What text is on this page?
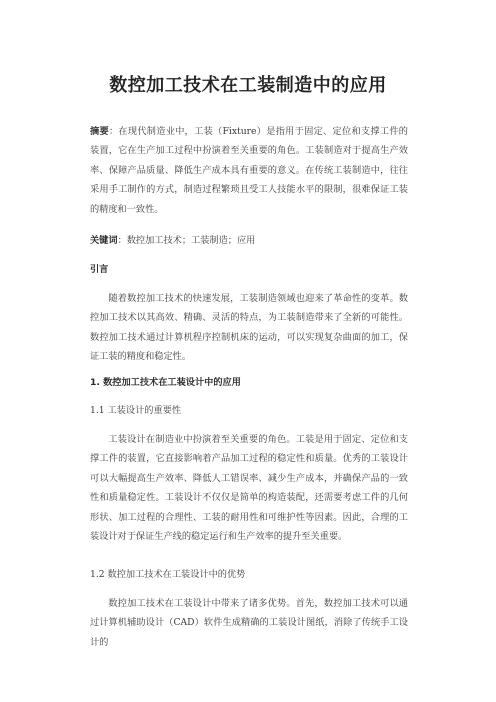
数控加工技术在工装制造中的应用
摘要：在现代制造业中，工装（Fixture）是指用于固定、定位和支撑工件的装置，它在生产加工过程中扮演着至关重要的角色。工装制造对于提高生产效率、保障产品质量、降低生产成本具有重要的意义。在传统工装制造中，往往采用手工制作的方式，制造过程繁琐且受工人技能水平的限制，很难保证工装的精度和一致性。
关键词：数控加工技术；工装制造；应用
引言
随着数控加工技术的快速发展，工装制造领域也迎来了革命性的变革。数控加工技术以其高效、精确、灵活的特点，为工装制造带来了全新的可能性。数控加工技术通过计算机程序控制机床的运动，可以实现复杂曲面的加工，保证工装的精度和稳定性。
1. 数控加工技术在工装设计中的应用
1.1 工装设计的重要性
工装设计在制造业中扮演着至关重要的角色。工装是用于固定、定位和支撑工件的装置，它直接影响着产品加工过程的稳定性和质量。优秀的工装设计可以大幅提高生产效率、降低人工错误率、减少生产成本，并确保产品的一致性和质量稳定性。工装设计不仅仅是简单的构造装配，还需要考虑工件的几何形状、加工过程的合理性、工装的耐用性和可维护性等因素。因此，合理的工装设计对于保证生产线的稳定运行和生产效率的提升至关重要。
1.2 数控加工技术在工装设计中的优势
数控加工技术在工装设计中带来了诸多优势。首先，数控加工技术可以通过计算机辅助设计（CAD）软件生成精确的工装设计图纸，消除了传统手工设计的
